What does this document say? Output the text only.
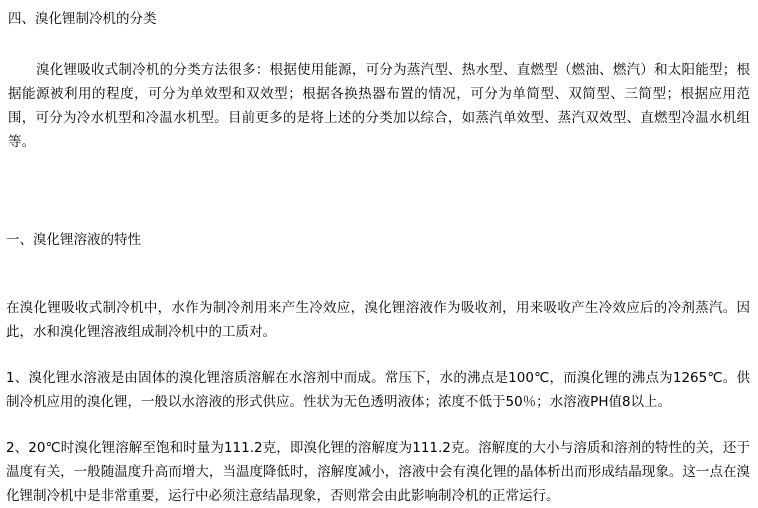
四、溴化锂制冷机的分类

溴化锂吸收式制冷机的分类方法很多：根据使用能源，可分为蒸汽型、热水型、直燃型（燃油、燃汽）和太阳能型；根据能源被利用的程度，可分为单效型和双效型；根据各换热器布置的情况，可分为单简型、双简型、三简型；根据应用范围，可分为冷水机型和冷温水机型。目前更多的是将上述的分类加以综合，如蒸汽单效型、蒸汽双效型、直燃型冷温水机组等。

一、溴化锂溶液的特性

在溴化锂吸收式制冷机中，水作为制冷剂用来产生冷效应，溴化锂溶液作为吸收剂，用来吸收产生冷效应后的冷剂蒸汽。因此，水和溴化锂溶液组成制冷机中的工质对。

1、溴化锂水溶液是由固体的溴化锂溶质溶解在水溶剂中而成。常压下，水的沸点是100℃，而溴化锂的沸点为1265℃。供制冷机应用的溴化锂，一般以水溶液的形式供应。性状为无色透明液体；浓度不低于50％；水溶液PH值8以上。

2、20℃时溴化锂溶解至饱和时量为111.2克，即溴化锂的溶解度为111.2克。溶解度的大小与溶质和溶剂的特性的关，还于温度有关，一般随温度升高而增大，当温度降低时，溶解度减小，溶液中会有溴化锂的晶体析出而形成结晶现象。这一点在溴化锂制冷机中是非常重要，运行中必须注意结晶现象，否则常会由此影响制冷机的正常运行。
